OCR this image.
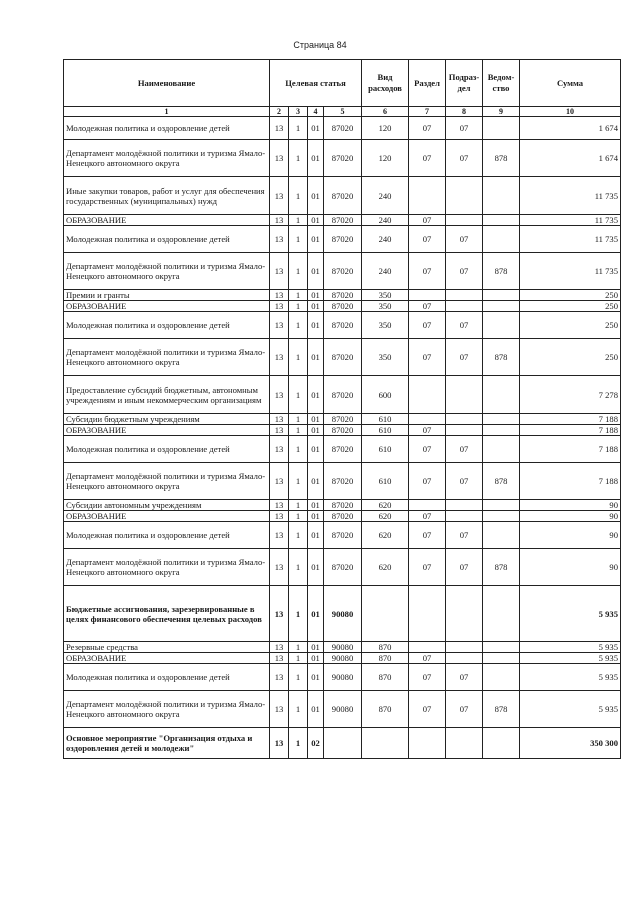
Страница 84
Наименование	Целевая статья				Вид расходов	Раздел	Подраз-дел	Ведом-ство	Сумма
1	2	3	4	5	6	7	8	9	10
Молодежная политика и оздоровление детей	13	1	01	87020	120	07	07		1 674
Департамент молодёжной политики и туризма Ямало-Ненецкого автономного округа	13	1	01	87020	120	07	07	878	1 674
Иные закупки товаров, работ и услуг для обеспечения государственных (муниципальных) нужд	13	1	01	87020	240				11 735
ОБРАЗОВАНИЕ	13	1	01	87020	240	07			11 735
Молодежная политика и оздоровление детей	13	1	01	87020	240	07	07		11 735
Департамент молодёжной политики и туризма Ямало-Ненецкого автономного округа	13	1	01	87020	240	07	07	878	11 735
Премии и гранты	13	1	01	87020	350				250
ОБРАЗОВАНИЕ	13	1	01	87020	350	07			250
Молодежная политика и оздоровление детей	13	1	01	87020	350	07	07		250
Департамент молодёжной политики и туризма Ямало-Ненецкого автономного округа	13	1	01	87020	350	07	07	878	250
Предоставление субсидий бюджетным, автономным учреждениям и иным некоммерческим организациям	13	1	01	87020	600				7 278
Субсидии бюджетным учреждениям	13	1	01	87020	610				7 188
ОБРАЗОВАНИЕ	13	1	01	87020	610	07			7 188
Молодежная политика и оздоровление детей	13	1	01	87020	610	07	07		7 188
Департамент молодёжной политики и туризма Ямало-Ненецкого автономного округа	13	1	01	87020	610	07	07	878	7 188
Субсидии автономным учреждениям	13	1	01	87020	620				90
ОБРАЗОВАНИЕ	13	1	01	87020	620	07			90
Молодежная политика и оздоровление детей	13	1	01	87020	620	07	07		90
Департамент молодёжной политики и туризма Ямало-Ненецкого автономного округа	13	1	01	87020	620	07	07	878	90
Бюджетные ассигнования, зарезервированные в целях финансового обеспечения целевых расходов	13	1	01	90080					5 935
Резервные средства	13	1	01	90080	870				5 935
ОБРАЗОВАНИЕ	13	1	01	90080	870	07			5 935
Молодежная политика и оздоровление детей	13	1	01	90080	870	07	07		5 935
Департамент молодёжной политики и туризма Ямало-Ненецкого автономного округа	13	1	01	90080	870	07	07	878	5 935
Основное мероприятие "Организация отдыха и оздоровления детей и молодежи"	13	1	02						350 300
